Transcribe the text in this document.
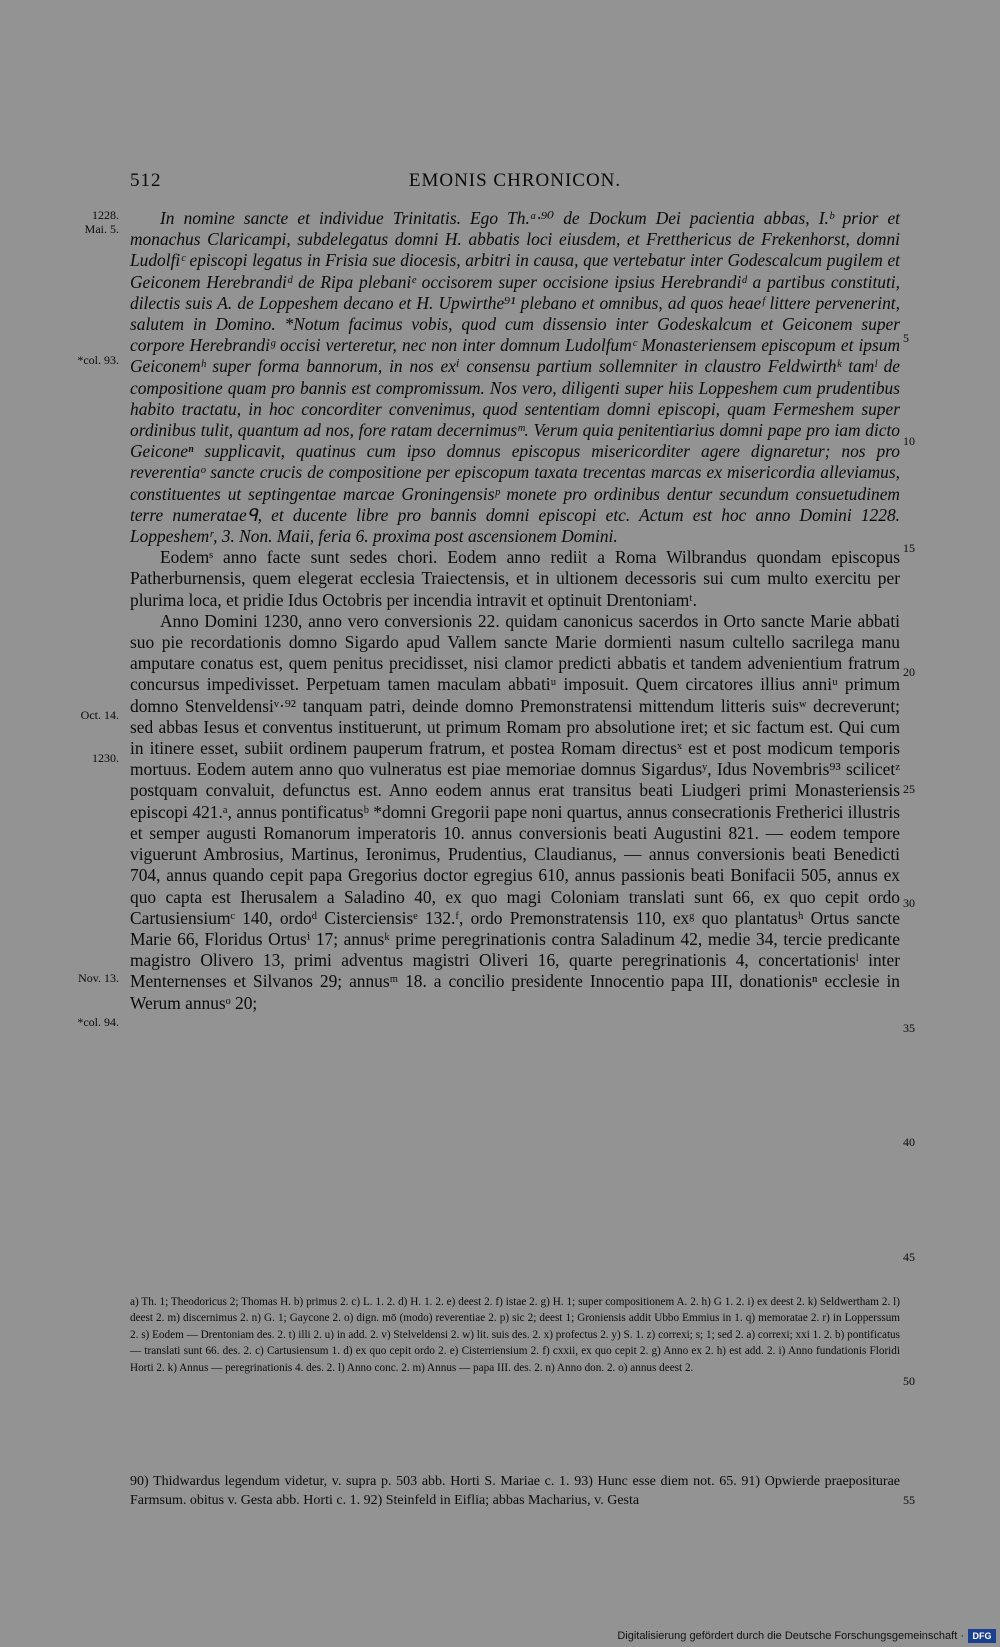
512	EMONIS CHRONICON.
1228.
Mai. 5.
*col. 93.
Oct. 14.
1230.
Nov. 13.
*col. 94.
5
10
15
20
25
30
35
40
45
50
55

In nomine sancte et individue Trinitatis. Ego Th.ᵃ·⁹⁰ de Dockum Dei pacientia abbas, I.ᵇ prior et monachus Claricampi, subdelegatus domni H. abbatis loci eiusdem, et Fretthericus de Frekenhorst, domni Ludolfiᶜ episcopi legatus in Frisia sue diocesis, arbitri in causa, que vertebatur inter Godescalcum pugilem et Geiconem Herebrandiᵈ de Ripa plebaniᵉ occisorem super occisione ipsius Herebrandiᵈ a partibus constituti, dilectis suis A. de Loppeshem decano et H. Upwirthe⁹¹ plebano et omnibus, ad quos heaeᶠ littere pervenerint, salutem in Domino. *Notum facimus vobis, quod cum dissensio inter Godeskalcum et Geiconem super corpore Herebrandiᵍ occisi verteretur, nec non inter domnum Ludolfumᶜ Monasteriensem episcopum et ipsum Geiconemʰ super forma bannorum, in nos exⁱ consensu partium sollemniter in claustro Feldwirthᵏ tamˡ de compositione quam pro bannis est compromissum. Nos vero, diligenti super hiis Loppeshem cum prudentibus habito tractatu, in hoc concorditer convenimus, quod sententiam domni episcopi, quam Fermeshem super ordinibus tulit, quantum ad nos, fore ratam decernimusᵐ. Verum quia penitentiarius domni pape pro iam dicto Geiconeⁿ supplicavit, quatinus cum ipso domnus episcopus misericorditer agere dignaretur; nos pro reverentiaᵒ sancte crucis de compositione per episcopum taxata trecentas marcas ex misericordia alleviamus, constituentes ut septingentae marcae Groningensisᵖ monete pro ordinibus dentur secundum consuetudinem terre numerataeᑫ, et ducente libre pro bannis domni episcopi etc. Actum est hoc anno Domini 1228. Loppeshemʳ, 3. Non. Maii, feria 6. proxima post ascensionem Domini.

Eodemˢ anno facte sunt sedes chori. Eodem anno rediit a Roma Wilbrandus quondam episcopus Patherburnensis, quem elegerat ecclesia Traiectensis, et in ultionem decessoris sui cum multo exercitu per plurima loca, et pridie Idus Octobris per incendia intravit et optinuit Drentoniamᵗ.

Anno Domini 1230, anno vero conversionis 22. quidam canonicus sacerdos in Orto sancte Marie abbati suo pie recordationis domno Sigardo apud Vallem sancte Marie dormienti nasum cultello sacrilega manu amputare conatus est, quem penitus precidisset, nisi clamor predicti abbatis et tandem advenientium fratrum concursus impedivisset. Perpetuam tamen maculam abbatiᵘ imposuit. Quem circatores illius anniᵘ primum domno Stenveldensiᵛ·⁹² tanquam patri, deinde domno Premonstratensi mittendum litteris suisʷ decreverunt; sed abbas Iesus et conventus instituerunt, ut primum Romam pro absolutione iret; et sic factum est. Qui cum in itinere esset, subiit ordinem pauperum fratrum, et postea Romam directusˣ est et post modicum temporis mortuus. Eodem autem anno quo vulneratus est piae memoriae domnus Sigardusʸ, Idus Novembris⁹³ scilicetᶻ postquam convaluit, defunctus est. Anno eodem annus erat transitus beati Liudgeri primi Monasteriensis episcopi 421.ᵃ, annus pontificatusᵇ *domni Gregorii pape noni quartus, annus consecrationis Fretherici illustris et semper augusti Romanorum imperatoris 10. annus conversionis beati Augustini 821. — eodem tempore viguerunt Ambrosius, Martinus, Ieronimus, Prudentius, Claudianus, — annus conversionis beati Benedicti 704, annus quando cepit papa Gregorius doctor egregius 610, annus passionis beati Bonifacii 505, annus ex quo capta est Iherusalem a Saladino 40, ex quo magi Coloniam translati sunt 66, ex quo cepit ordo Cartusiensiumᶜ 140, ordoᵈ Cisterciensisᵉ 132.ᶠ, ordo Premonstratensis 110, exᵍ quo plantatusʰ Ortus sancte Marie 66, Floridus Ortusⁱ 17; annusᵏ prime peregrinationis contra Saladinum 42, medie 34, tercie predicante magistro Olivero 13, primi adventus magistri Oliveri 16, quarte peregrinationis 4, concertationisˡ inter Menternenses et Silvanos 29; annusᵐ 18. a concilio presidente Innocentio papa III, donationisⁿ ecclesie in Werum annusᵒ 20;

a) Th. 1; Theodoricus 2; Thomas H. b) primus 2. c) L. 1. 2. d) H. 1. 2. e) deest 2. f) istae 2. g) H. 1; super compositionem A. 2. h) G 1. 2. i) ex deest 2. k) Seldwertham 2. l) deest 2. m) discernimus 2. n) G. 1; Gaycone 2. o) dign. mō (modo) reverentiae 2. p) sic 2; deest 1; Groniensis addit Ubbo Emmius in 1. q) memoratae 2. r) in Lopperssum 2. s) Eodem — Drentoniam des. 2. t) illi 2. u) in add. 2. v) Stelveldensi 2. w) lit. suis des. 2. x) profectus 2. y) S. 1. z) correxi; s; 1; sed 2. a) correxi; xxi 1. 2. b) pontificatus — translati sunt 66. des. 2. c) Cartusiensum 1. d) ex quo cepit ordo 2. e) Cisterriensium 2. f) cxxii, ex quo cepit 2. g) Anno ex 2. h) est add. 2. i) Anno fundationis Floridi Horti 2. k) Annus — peregrinationis 4. des. 2. l) Anno conc. 2. m) Annus — papa III. des. 2. n) Anno don. 2. o) annus deest 2.
90) Thidwardus legendum videtur, v. supra p. 503 abb. Horti S. Mariae c. 1. 93) Hunc esse diem not. 65. 91) Opwierde praepositurae Farmsum. obitus v. Gesta abb. Horti c. 1. 92) Steinfeld in Eiflia; abbas Macharius, v. Gesta
Digitalisierung gefördert durch die Deutsche Forschungsgemeinschaft · DFG
